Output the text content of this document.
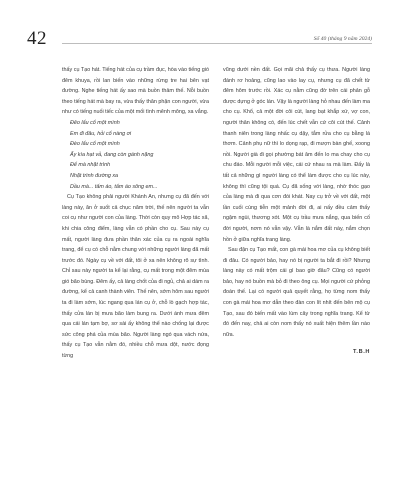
42	Số 40 (tháng 9 năm 2024)

thấy cụ Tạo hát. Tiếng hát của cụ trầm đục, hòa vào tiếng gió đêm khuya, rồi lan biến vào những rừng tre hai bên vạt đường. Nghe tiếng hát ấy sao mà buồn thảm thế. Nỗi buồn theo tiếng hát mà bay ra, vừa thấy thân phận con người, vừa như có tiếng nuối tiếc của một mối tình mênh mông, xa vắng.

Đêo lẩu cổ một mình
Em đi đâu, hỏi cổ nàng ơi
Đèo lẩu cổ một mình
Ấy kìa hạt vả, đang còn gánh nặng
Để mà nhặt trình
Nhặt trình đường xa
Dầu mà... tấm áo, tấm áo sông em...

Cụ Tạo không phải người Khánh An, nhưng cụ đã đến với làng này, ăn ở suốt cả chục năm trời, thế nên người ta vẫn coi cụ như người con của làng. Thời còn quy mô Hợp tác xã, khi chia công điểm, làng vẫn có phần cho cụ. Sau này cụ mất, người làng đưa phần thân xác của cụ ra ngoài nghĩa trang, để cụ có chỗ nằm chung với những người làng đã mất trước đó. Ngày cụ về với đất, tôi ở xa nên không rõ sự tình. Chỉ sau này người ta kể lại rằng, cụ mất trong một đêm mùa gió bão bùng. Đêm ấy, cả làng chốt của đi ngủ, chả ai dám ra đường, kể cả canh thành viên. Thế nên, sớm hôm sau người ta đi làm sớm, lúc ngang qua lán cụ ở, chỗ lò gạch hợp tác, thấy cửa lán bị mưa bão làm bung ra. Dưới ánh mưa đêm qua cái lán tạm bợ, sơ sài ấy không thể nào chống lại được sức công phá của mùa bão. Người làng ngó qua vách nứa, thấy cụ Tạo vẫn nằm đó, nhiều chỗ mưa dột, nước đọng từng

vũng dưới nền đất. Gọi mãi chả thấy cụ thưa. Người làng đánh rơ hoảng, cũng lao vào lay cụ, nhưng cụ đã chết từ đêm hôm trước rồi. Xác cụ nằm cũng đờ trên cái phản gỗ được dựng ở góc lán. Vậy là người làng hỏ nhau đến làm ma cho cụ. Khổ, cả một đời côi cút, lang bạt khắp xứ, vợ con, người thân không có, đến lúc chết vẫn cứ côi cút thế. Cảnh thanh niên trong làng nhấc cụ dậy, tắm rửa cho cụ bằng lá thơm. Cảnh phụ nữ thì lo dọng rạp, đi mượn bàn ghế, xoong nồi. Người già đi gọi phường bát âm đến lo ma chay cho cụ chu đáo. Mỗi người mỗi việc, cái cứ nhau ra mà làm. Đấy là tất cả những gì người làng có thể làm được cho cụ lúc này, không thì cũng tội quá. Cụ đã sống với làng, nhờ thóc gạo của làng mà đi qua cơn đói khát. Nay cụ trở về với đất, một lần cuối cùng tiễn một mảnh đời đi, ai nấy đều cảm thấy ngậm ngùi, thương xót. Một cụ trầu mưa nắng, qua biến cố đời người, nơm nó vẫn vậy. Vẫn là nắm đất này, nắm chọn hồn ở giữa nghĩa trang làng.

Sau đận cụ Tạo mất, con gà mái hoa mơ của cụ không biết đi đâu. Có người bảo, hay nó bị người ta bắt đi rồi? Nhưng làng này có mất trộm cái gì bao giờ đâu? Cũng có người bảo, hay nó buồn mà bỏ đi theo ông cụ. Mọi người cứ phỏng đoán thế. Lại có người quả quyết rằng, họ từng nom thấy con gà mái hoa mơ dẫn theo đàn con lít nhít đến bên mộ cụ Tạo, sau đó biến mất vào lùm cây trong nghĩa trang. Kể từ đó đến nay, chả ai còn nom thấy nó xuất hiện thêm lần nào nữa.

T.B.H
